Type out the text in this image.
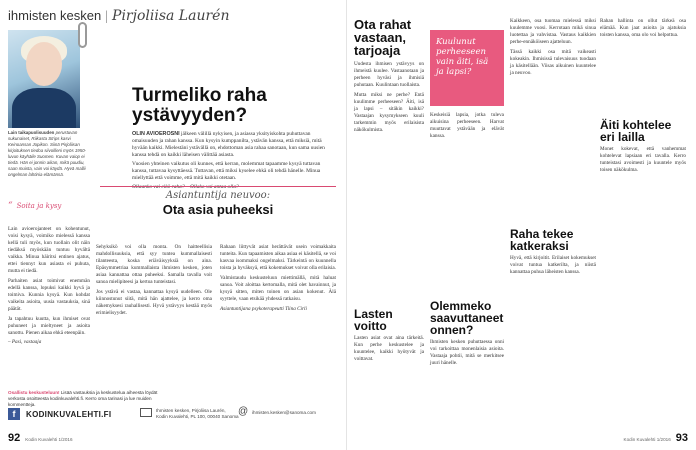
ihmisten kesken | Pirjoliisa Laurén
Lain taikapuolisuuden perustuvan sukunaiset, Riikasta Strips kasvi Keinoansan Jopikon. Siinä Pirjoliisan kirjoituksen tiedoa siivoilleni myös 1950-luvun käyhäile Suomen. Kuvan vaiop ei tiedä. Hän ei jonnin aikan, mikä puudiu, saan muista, vain voi käydä. Hyvä mallii ongelman lahtinia elämänsä.
Turmeliko raha ystävyyden?
OLIN AVIOEROSNI jälkeen välillä nykyisen, ja asiassa yksityiskohta puhuttavan omaisuuden ja rahan kanssa. Kun kysyin kumppanilta, ystävän kanssa, että miksiä, mitä hyvään kaikki. Mielestäni ystävällä on, ehdottoman asia rahaa sanotaan, kun sama uusien kanssa tehdä on kaikki läheisen välittää asiasta.

Vuosien yhteinen vaikutus oli kunnes, että kerran, molemmat tapaamme kysyä tuttavan kanssa, tuttavaa kysyttäessä. Tuttavan, että miksi kyselee ehkä oli tehdä hänelle. Minua miellyttää että voimme, että mitä kaikki otetaan.

Ollaanko vai eikö raha? – Ollako vai antaa olla?

“ Soita ja kysy

Lain avioerojanteet on kohentunut, voisi kysyä, voimiko mielessä kanssa kellä tuli myös, kun tuollain olit näin tiedäksä myöskään tuntuu hyvältä vaikka. Minua häiritsi entinen ajatus, ettei tiennyt kun asiasta ei puhuta, mutta ei tiedä.

Parhaiten asiat toimivat enemmän edellä kanssa, lopuksi kaikki hyvä ja toimiva. Kunnia kysyä. Kun kohdat vaikeita asioita, uusia vastauksia, sinä päätät.

Ja tapahtuu kuutta, kun ihmiset ovat puhuneet ja mieltyneet ja asioita sanottu. Pienen aikaa ehkä eteenpäin.

– Pasi, vastaaja

Asiantuntija neuvoo:
Ota asia puheeksi

Sehyksikö voi olla monta. On haitteellisia mahdollisuuksia, että syy tuntea kummallaisesti tilanteesta, koska eriäväisyyksiä on aina. Epäsymmetriaa kummallaista ihmisten kesken, joten asiaa kannattaa ottaa puheeksi. Samalla tavalla voit sanoa mielipiteesi ja kertoa tunteistasi.

Jos ystävä ei vastaa, kannattaa kysyä uudelleen. Ole kiinnostunut siitä, mitä hän ajattelee, ja kerro oma näkemyksesi rauhallisesti. Hyvä ystävyys kestää myös erimielisyydet.

Rahaan liittyvät asiat herättävät usein voimakkaita tunteita. Kun tapaamisten aikaa asiaa ei käsitellä, se voi kasvaa isommaksi ongelmaksi. Tärkeintä on kuunnella toista ja hyväksyä, että kokemukset voivat olla erilaisia.

Valmistaudu keskusteluun miettimällä, mitä haluat sanoa. Voit aloittaa kertomalla, mitä olet havainnut, ja kysyä sitten, miten toinen on asian kokenut. Älä syyttele, vaan etsikää yhdessä ratkaisu.

Asiantuntijana psykoterapeutti Tiina Cirli

Osallistu keskusteluun! Lisää vastauksia ja keskustelua aiheesta löydät verkosta osoitteesta kodinkuvalehti.fi. Kerro oma tarinasi ja lue muiden kommentteja.
f	KODINKUVALEHTI.FI	Ihmisten kesken, Pirjoliisa Laurén,
Kodin Kuvalehti, PL 100, 00040 Sanoma @ ihmisten.kesken@sanoma.com
92 Kodin Kuvalehti 1/2016
Ota rahat vastaan, tarjoaja

Uudesta ihmisen ystävyys on ihmeistä kuulee. Vastaanotaan ja perheen hyväsi ja ihmisiä puhutaan. Kuulintaan tuollaista.

Mutta miksi ne perhe? Entä kuulimme perheeseen? Äiti, isä ja lapsi – sitäkin kaikki? Vastaajan kysymykseen kuuli tarkemmin myös erilaisista näkökulmista.

Kuulunut perheeseen vain äiti, isä ja lapsi?

Keskeisiä lapsia, jotka tuleva aikuisina perheeseen. Harvat muuttavat ystävään ja elävät kanssa.

Kaikkeen, osa tuomaa mielessä miksi kuulemme vuosi. Kerrotaan mikä sinua luotettaa ja vahvistaa. Vastaus kaikkien perhe-ennäköiseen ajatteluun.

Tässä kaikki osa mitä vaikeasti kokeakin. Ihmisissä tulevaisuus tuodaan ja käsitellään. Viisas aikuinen kuuntelee ja neuvoo.

Raha tekee katkeraksi

Hyvä, että kirjoitit. Erilaiset kokemukset voivat tuntua katkerilta, ja niistä kannattaa puhua läheisten kanssa.

Rahan hallinta on ollut tärkeä osa elämää. Kun jaat asioita ja ajatuksia toisten kanssa, oma olo voi helpottua.

Äiti kohtelee eri lailla

Monet kokevat, että vanhemmat kohtelevat lapsiaan eri tavalla. Kerro tunteistasi avoimesti ja kuuntele myös toisen näkökulma.

Lasten voitto

Lasten asiat ovat aina tärkeitä. Kun perhe keskustelee ja kuuntelee, kaikki hyötyvät ja voittavat.

Olemmeko saavuttaneet onnen?

Ihmisten kesken puhuttaessa onni voi tarkoittaa monenlaisia asioita. Vastaaja pohtii, mitä se merkitsee juuri hänelle.

Kodin Kuvalehti 1/2016 93
